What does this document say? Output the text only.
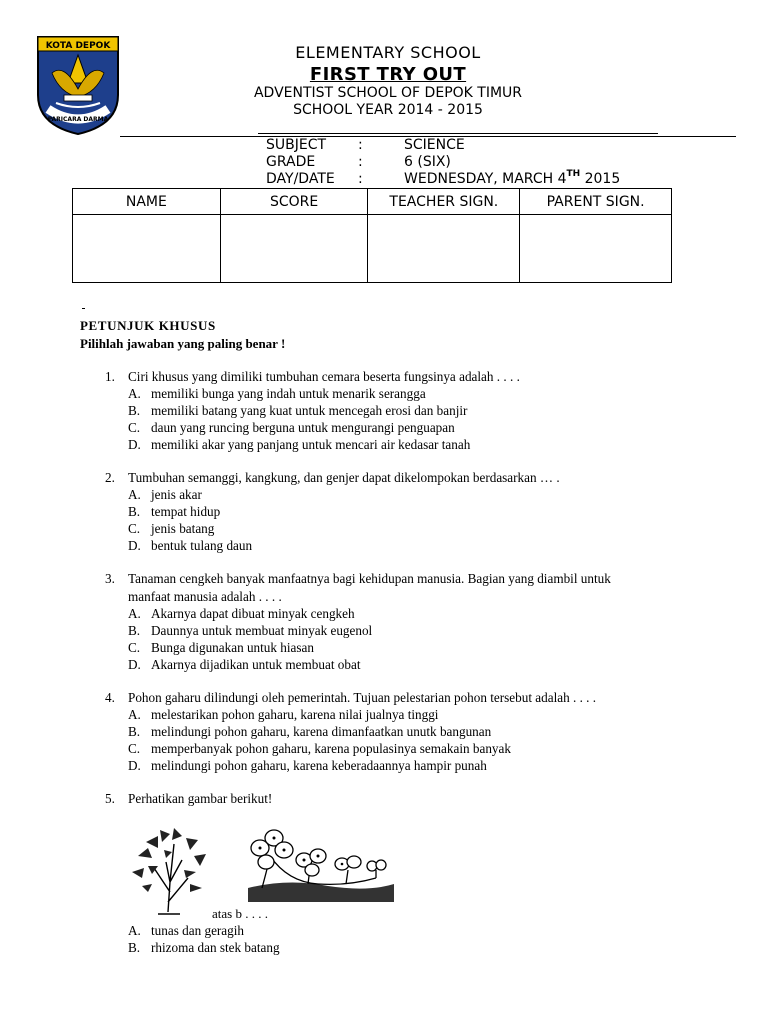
KOTA DEPOK
PARICARA DARMA
ELEMENTARY SCHOOL
FIRST TRY OUT
ADVENTIST SCHOOL OF DEPOK TIMUR
SCHOOL YEAR 2014 - 2015
SUBJECT :	SCIENCE
GRADE	:	6 (SIX)
DAY/DATE :	WEDNESDAY, MARCH 4TH 2015
NAME	SCORE	TEACHER SIGN.	PARENT SIGN.

PETUNJUK KHUSUS
Pilihlah jawaban yang paling benar !
1. Ciri khusus yang dimiliki tumbuhan cemara beserta fungsinya adalah . . . .
A. memiliki bunga yang indah untuk menarik serangga
B. memiliki batang yang kuat untuk mencegah erosi dan banjir
C. daun yang runcing berguna untuk mengurangi penguapan
D. memiliki akar yang panjang untuk mencari air kedasar tanah
2. Tumbuhan semanggi, kangkung, dan genjer dapat dikelompokan berdasarkan … .
A. jenis akar
B. tempat hidup
C. jenis batang
D. bentuk tulang daun
3. Tanaman cengkeh banyak manfaatnya bagi kehidupan manusia. Bagian yang diambil untuk
manfaat manusia adalah . . . .
A. Akarnya dapat dibuat minyak cengkeh
B. Daunnya untuk membuat minyak eugenol
C. Bunga digunakan untuk hiasan
D. Akarnya dijadikan untuk membuat obat
4. Pohon gaharu dilindungi oleh pemerintah. Tujuan pelestarian pohon tersebut adalah . . . .
A. melestarikan pohon gaharu, karena nilai jualnya tinggi
B. melindungi pohon gaharu, karena dimanfaatkan unutk bangunan
C. memperbanyak pohon gaharu, karena populasinya semakain banyak
D. melindungi pohon gaharu, karena keberadaannya hampir punah
5. Perhatikan gambar berikut!
atas b . . . .
A. tunas dan geragih
B. rhizoma dan stek batang
